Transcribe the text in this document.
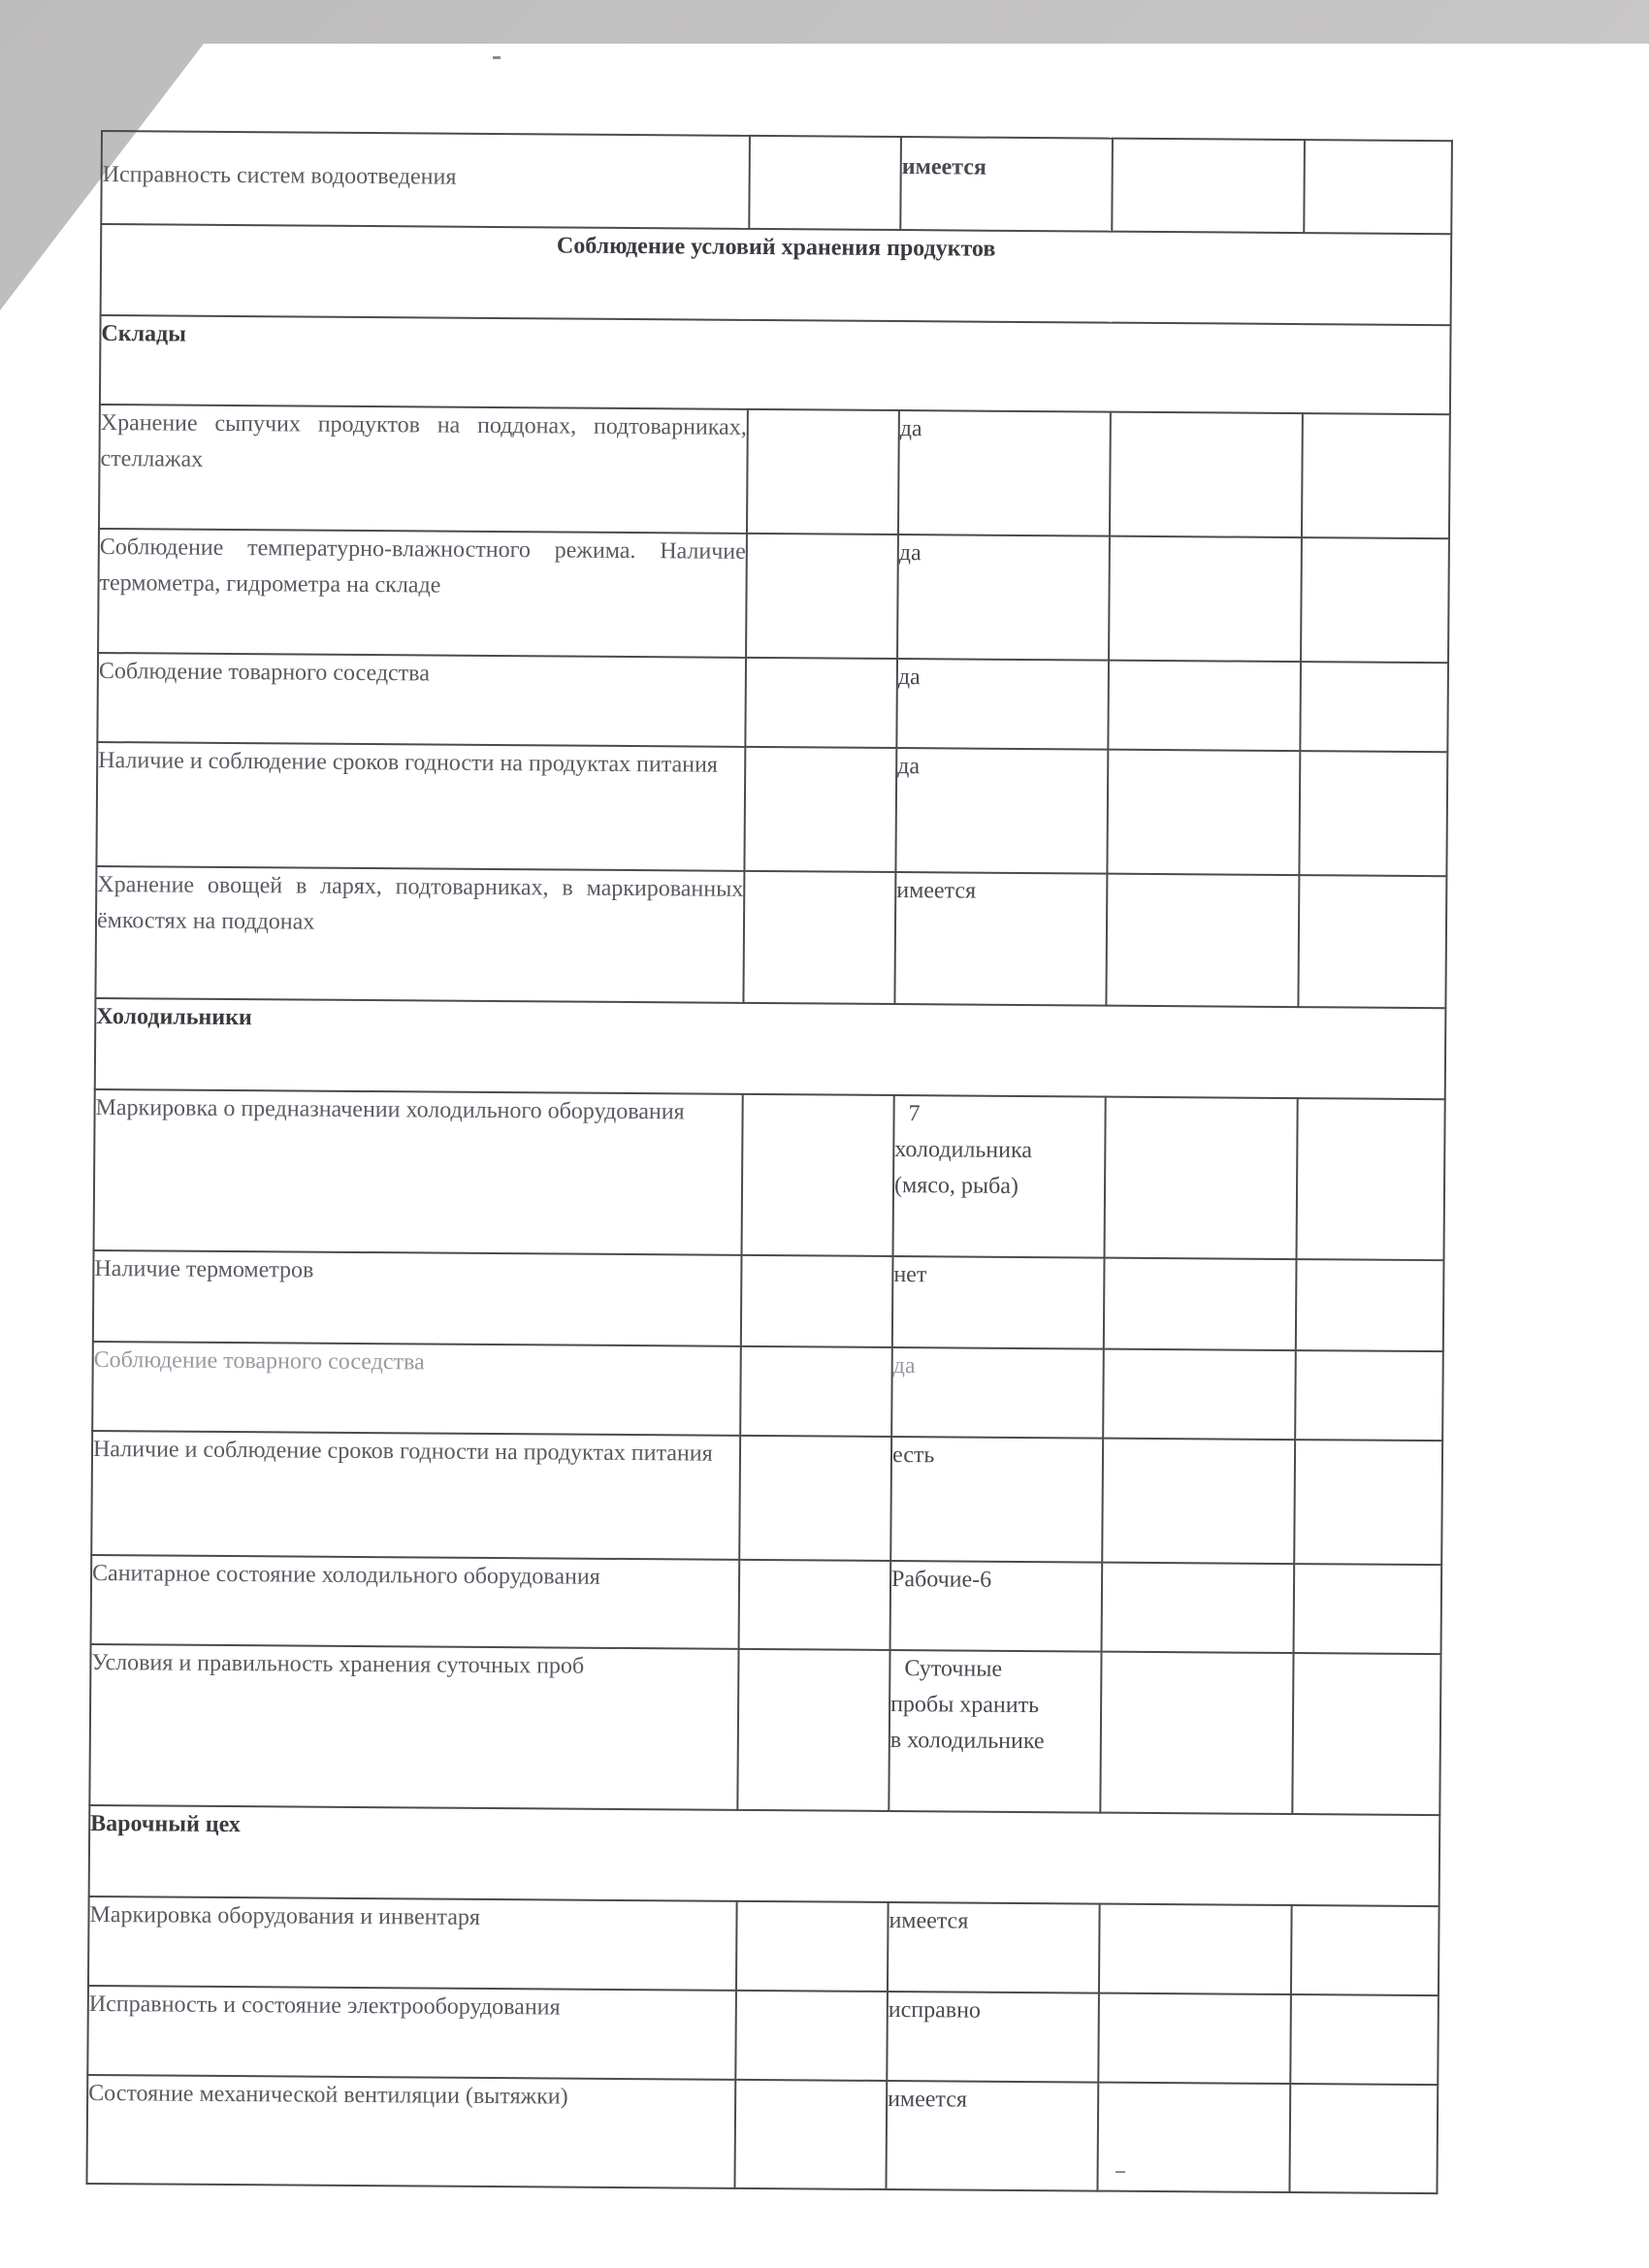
Исправность систем водоотведения		имеется		
Соблюдение условий хранения продуктов				
Склады				
Хранение сыпучих продуктов на поддонах, подтоварниках, стеллажах		да		
Соблюдение температурно-влажностного режима. Наличие термометра, гидрометра на складе		да		
Соблюдение товарного соседства		да		
Наличие и соблюдение сроков годности на продуктах питания		да		
Хранение овощей в ларях, подтоварниках, в маркированных ёмкостях на поддонах		имеется		
Холодильники				
Маркировка о предназначении холодильного оборудования		7
холодильника
(мясо, рыба)		

Наличие термометров		нет		
Соблюдение товарного соседства		да		
Наличие и соблюдение сроков годности на продуктах питания		есть		
Санитарное состояние холодильного оборудования		Рабочие-6		
Условия и правильность хранения суточных проб		Суточные
пробы хранить
в холодильнике		

Варочный цех				
Маркировка оборудования и инвентаря		имеется		
Исправность и состояние электрооборудования		исправно		
Состояние механической вентиляции (вытяжки)		имеется		
